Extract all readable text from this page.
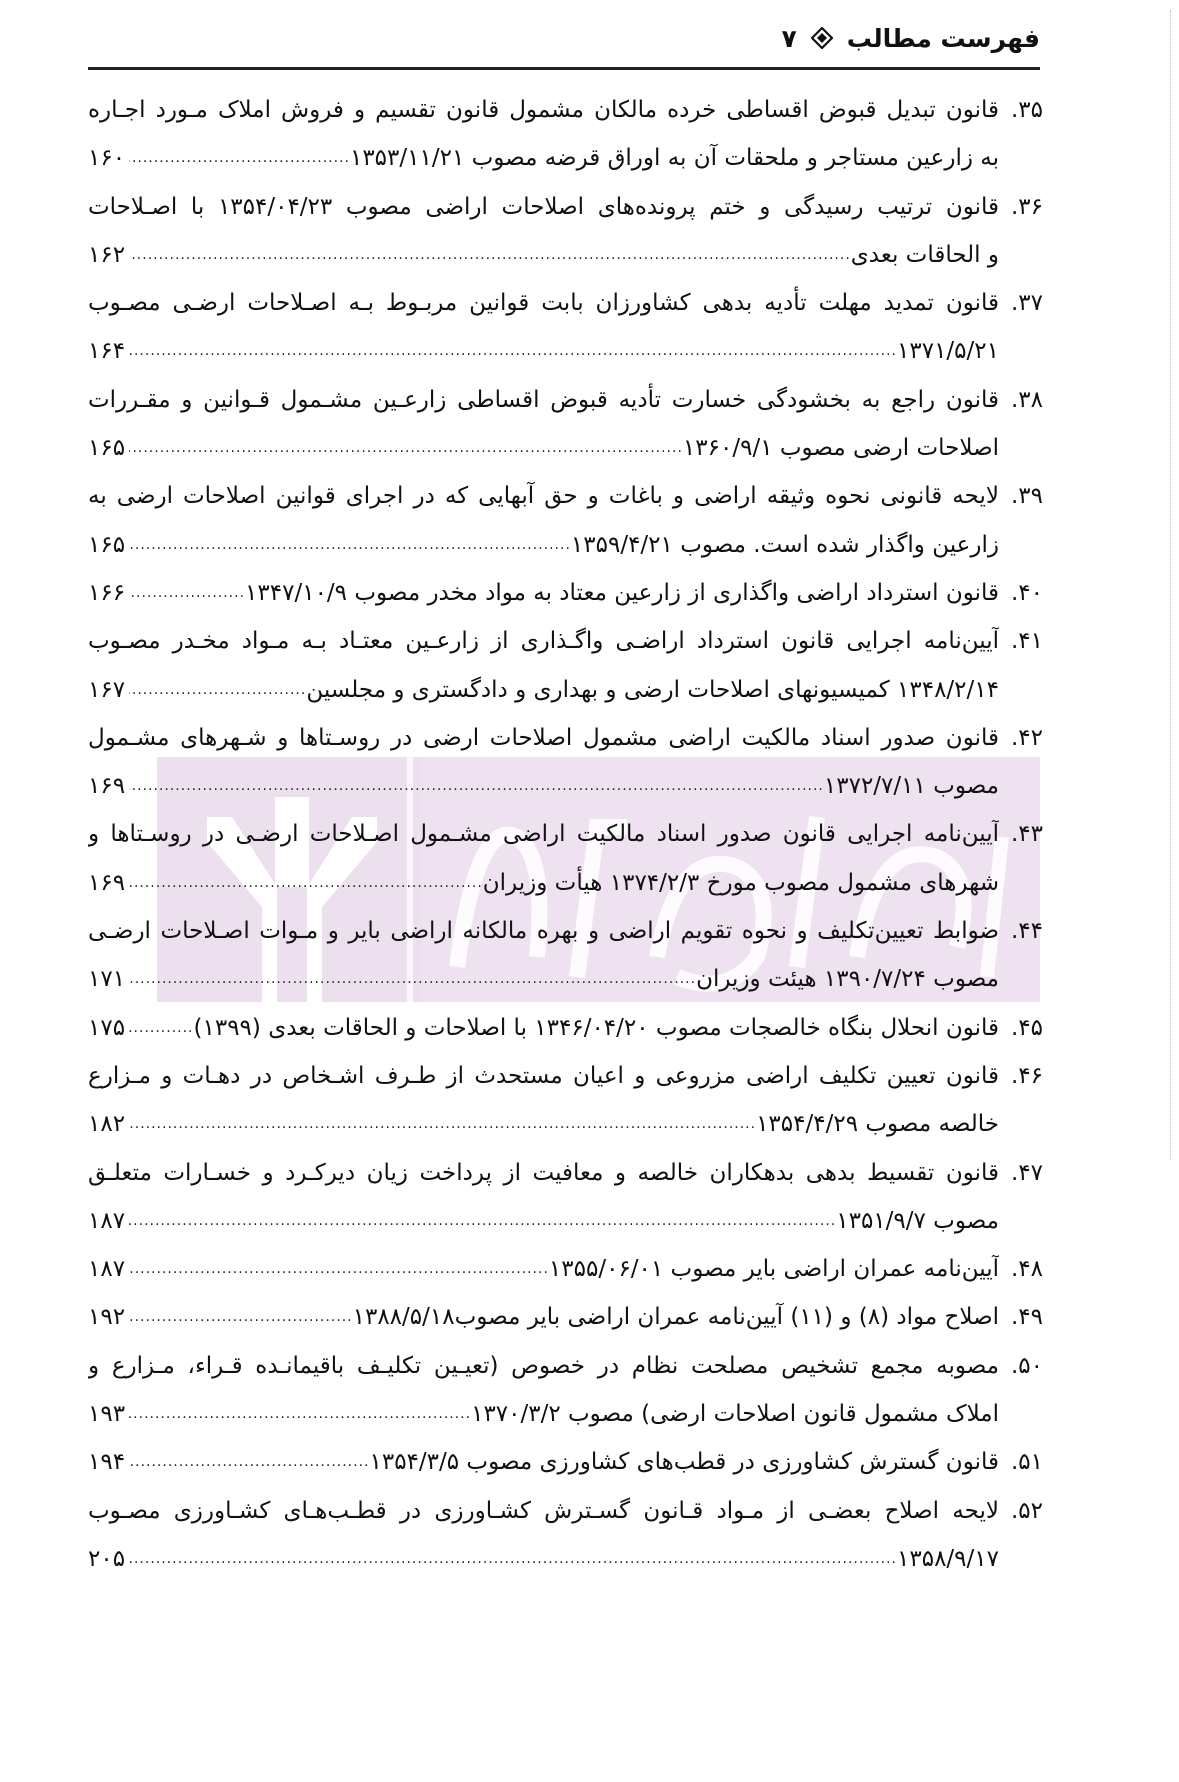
فهرست مطالب
۷
۳۵.
قانون تبدیل قبوض اقساطی خرده مالکان مشمول قانون تقسیم و فروش املاک مـورد اجـاره
به زارعین مستاجر و ملحقات آن به اوراق قرضه مصوب ۱۳۵۳/۱۱/۲۱
.....
۱۶۰
۳۶.
قانون ترتیب رسیدگی و ختم پرونده‌های اصلاحات اراضی مصوب ۱۳۵۴/۰۴/۲۳ با اصـلاحات
و الحاقات بعدی
.....
۱۶۲
۳۷.
قانون تمدید مهلت تأدیه بدهی کشاورزان بابت قوانین مربـوط بـه اصـلاحات ارضـی مصـوب
۱۳۷۱/۵/۲۱
.....
۱۶۴
۳۸.
قانون راجع به بخشودگی خسارت تأدیه قبوض اقساطی زارعـین مشـمول قـوانین و مقـررات
اصلاحات ارضی مصوب ۱۳۶۰/۹/۱
.....
۱۶۵
۳۹.
لایحه قانونی نحوه وثیقه اراضی و باغات و حق آبهایی که در اجرای قوانین اصلاحات ارضی به
زارعین واگذار شده است. مصوب ۱۳۵۹/۴/۲۱
.....
۱۶۵
۴۰.
قانون استرداد اراضی واگذاری از زارعین معتاد به مواد مخدر مصوب ۱۳۴۷/۱۰/۹
.....
۱۶۶
۴۱.
آیین‌نامه اجرایی قانون استرداد اراضـی واگـذاری از زارعـین معتـاد بـه مـواد مخـدر مصـوب
۱۳۴۸/۲/۱۴ کمیسیونهای اصلاحات ارضی و بهداری و دادگستری و مجلسین
.....
۱۶۷
۴۲.
قانون صدور اسناد مالکیت اراضی مشمول اصلاحات ارضی در روسـتاها و شـهرهای مشـمول
مصوب ۱۳۷۲/۷/۱۱
.....
۱۶۹
۴۳.
آیین‌نامه اجرایی قانون صدور اسناد مالکیت اراضی مشـمول اصـلاحات ارضـی در روسـتاها و
شهرهای مشمول مصوب مورخ ۱۳۷۴/۲/۳ هیأت وزیران
.....
۱۶۹
۴۴.
ضوابط تعیین‌تکلیف و نحوه تقویم اراضی و بهره مالکانه اراضی بایر و مـوات اصـلاحات ارضـی
مصوب ۱۳۹۰/۷/۲۴ هیئت وزیران
.....
۱۷۱
۴۵.
قانون انحلال بنگاه خالصجات مصوب ۱۳۴۶/۰۴/۲۰ با اصلاحات و الحاقات بعدی (۱۳۹۹)
.....
۱۷۵
۴۶.
قانون تعیین تکلیف اراضی مزروعی و اعیان مستحدث از طـرف اشـخاص در دهـات و مـزارع
خالصه مصوب ۱۳۵۴/۴/۲۹
.....
۱۸۲
۴۷.
قانون تقسیط بدهی بدهکاران خالصه و معافیت از پرداخت زیان دیرکـرد و خسـارات متعلـق
مصوب ۱۳۵۱/۹/۷
.....
۱۸۷
۴۸.
آیین‌نامه عمران اراضی بایر مصوب ۱۳۵۵/۰۶/۰۱
.....
۱۸۷
۴۹.
اصلاح مواد (۸) و (۱۱) آیین‌نامه عمران اراضی بایر مصوب۱۳۸۸/۵/۱۸
.....
۱۹۲
۵۰.
مصوبه مجمع تشخیص مصلحت نظام در خصوص (تعیـین تکلیـف باقیمانـده قـراء، مـزارع و
املاک مشمول قانون اصلاحات ارضی) مصوب ۱۳۷۰/۳/۲
.....
۱۹۳
۵۱.
قانون گسترش کشاورزی در قطب‌های کشاورزی مصوب ۱۳۵۴/۳/۵
.....
۱۹۴
۵۲.
لایحه اصلاح بعضـی از مـواد قـانون گسـترش کشـاورزی در قطـب‌هـای کشـاورزی مصـوب
۱۳۵۸/۹/۱۷
.....
۲۰۵
